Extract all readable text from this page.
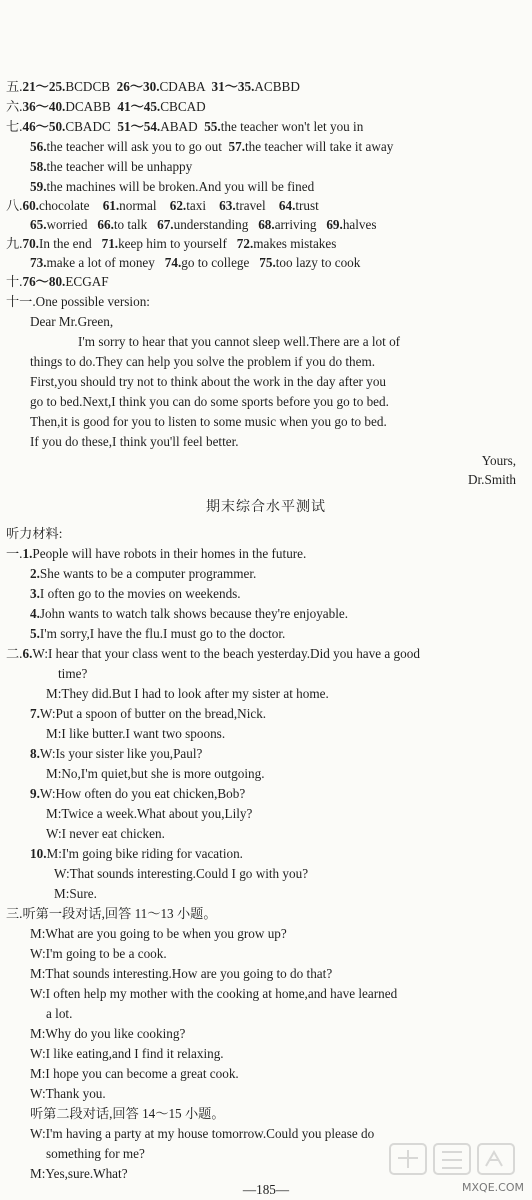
五.21～25.BCDCB 26～30.CDABA 31～35.ACBBD
六.36～40.DCABB 41～45.CBCAD
七.46～50.CBADC 51～54.ABAD 55.the teacher won't let you in
56.the teacher will ask you to go out 57.the teacher will take it away
58.the teacher will be unhappy
59.the machines will be broken.And you will be fined
八.60.chocolate 61.normal 62.taxi 63.travel 64.trust
65.worried 66.to talk 67.understanding 68.arriving 69.halves
九.70.In the end 71.keep him to yourself 72.makes mistakes
73.make a lot of money 74.go to college 75.too lazy to cook
十.76～80.ECGAF
十一.One possible version:
Dear Mr.Green,
I'm sorry to hear that you cannot sleep well.There are a lot of
things to do.They can help you solve the problem if you do them.
First,you should try not to think about the work in the day after you
go to bed.Next,I think you can do some sports before you go to bed.
Then,it is good for you to listen to some music when you go to bed.
If you do these,I think you'll feel better.
Yours,
Dr.Smith
期末综合水平测试
听力材料:
一.1.People will have robots in their homes in the future.
2.She wants to be a computer programmer.
3.I often go to the movies on weekends.
4.John wants to watch talk shows because they're enjoyable.
5.I'm sorry,I have the flu.I must go to the doctor.
二.6.W:I hear that your class went to the beach yesterday.Did you have a good
time?
M:They did.But I had to look after my sister at home.
7.W:Put a spoon of butter on the bread,Nick.
M:I like butter.I want two spoons.
8.W:Is your sister like you,Paul?
M:No,I'm quiet,but she is more outgoing.
9.W:How often do you eat chicken,Bob?
M:Twice a week.What about you,Lily?
W:I never eat chicken.
10.M:I'm going bike riding for vacation.
W:That sounds interesting.Could I go with you?
M:Sure.
三.听第一段对话,回答 11～13 小题。
M:What are you going to be when you grow up?
W:I'm going to be a cook.
M:That sounds interesting.How are you going to do that?
W:I often help my mother with the cooking at home,and have learned
a lot.
M:Why do you like cooking?
W:I like eating,and I find it relaxing.
M:I hope you can become a great cook.
W:Thank you.
听第二段对话,回答 14～15 小题。
W:I'm having a party at my house tomorrow.Could you please do
something for me?
M:Yes,sure.What?
—185—	MXQE.COM
